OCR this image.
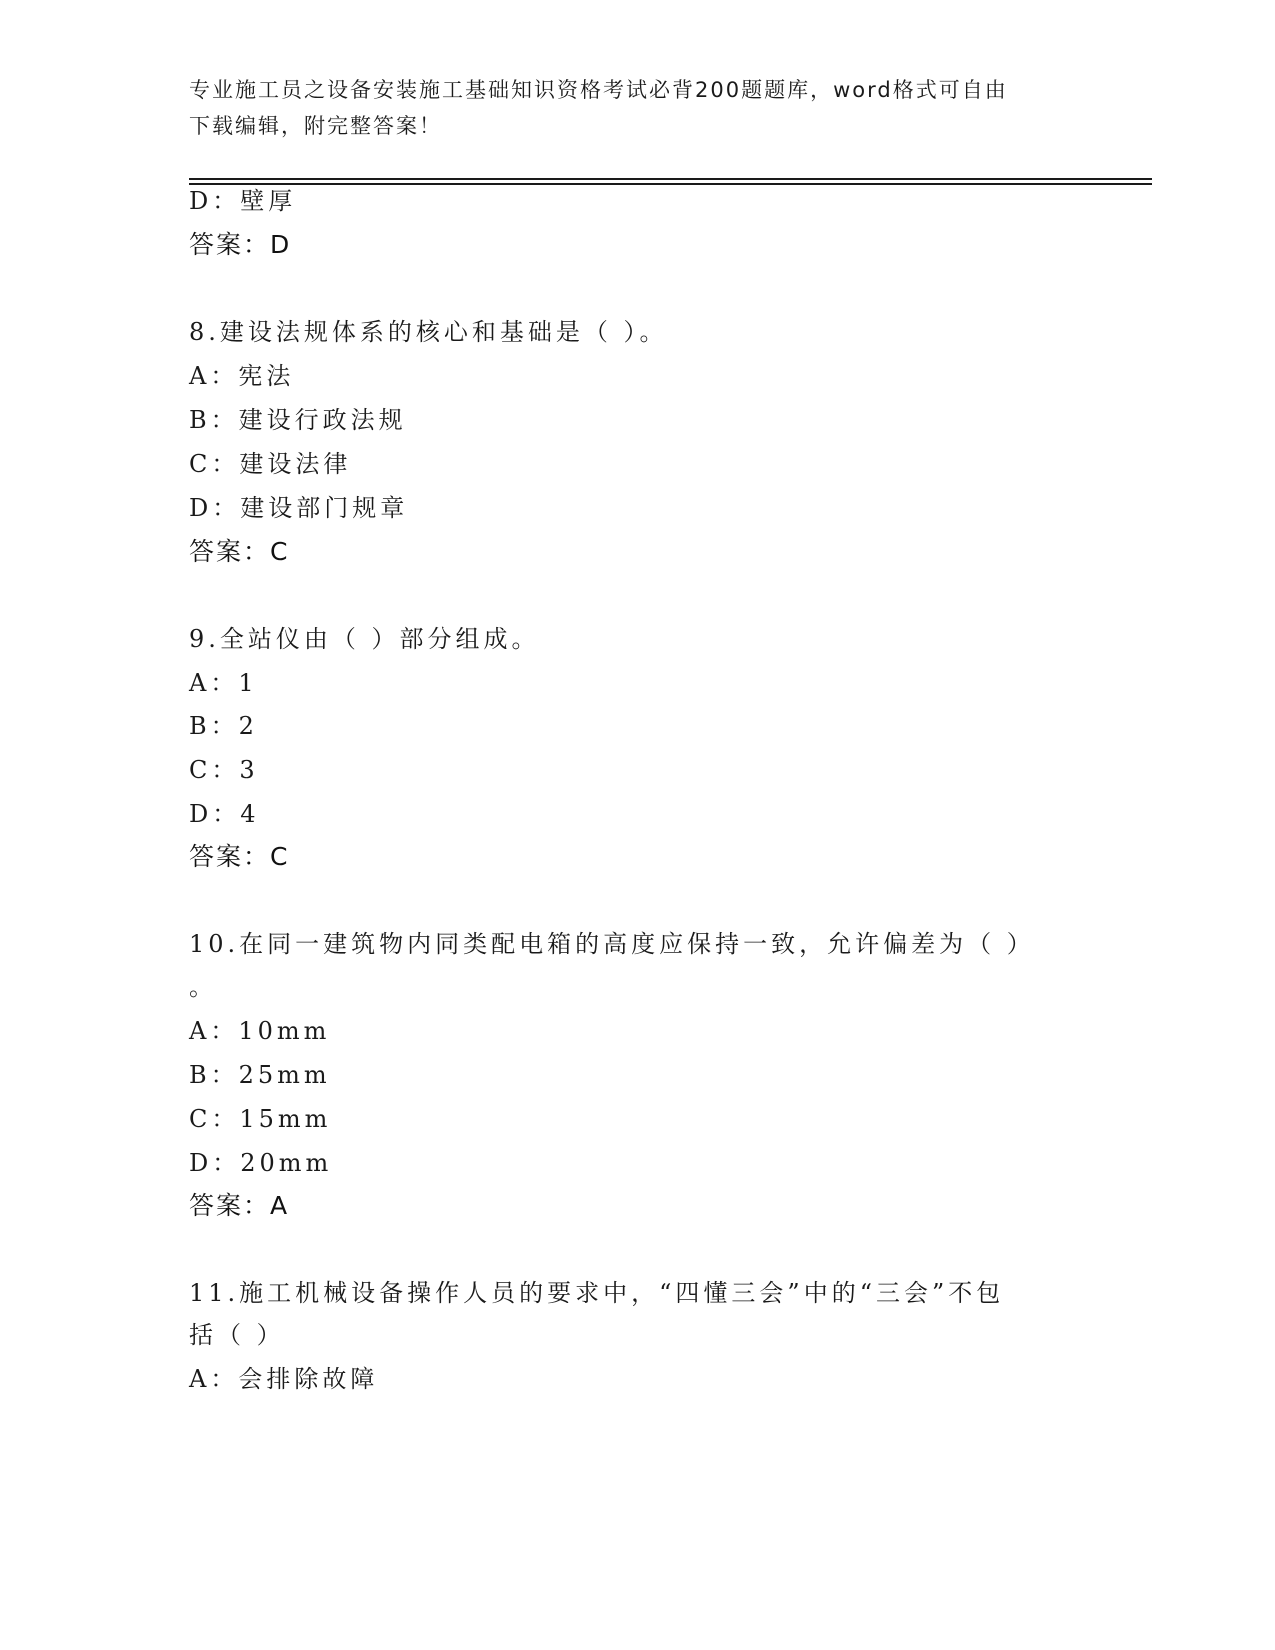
专业施工员之设备安装施工基础知识资格考试必背200题题库，word格式可自由
下载编辑，附完整答案！
D：壁厚
答案：D
8.建设法规体系的核心和基础是（ ）。
A：宪法
B：建设行政法规
C：建设法律
D：建设部门规章
答案：C
9.全站仪由（ ）部分组成。
A：1
B：2
C：3
D：4
答案：C
10.在同一建筑物内同类配电箱的高度应保持一致，允许偏差为（ ）
。
A：10mm
B：25mm
C：15mm
D：20mm
答案：A
11.施工机械设备操作人员的要求中，“四懂三会”中的“三会”不包
括（ ）
A：会排除故障
